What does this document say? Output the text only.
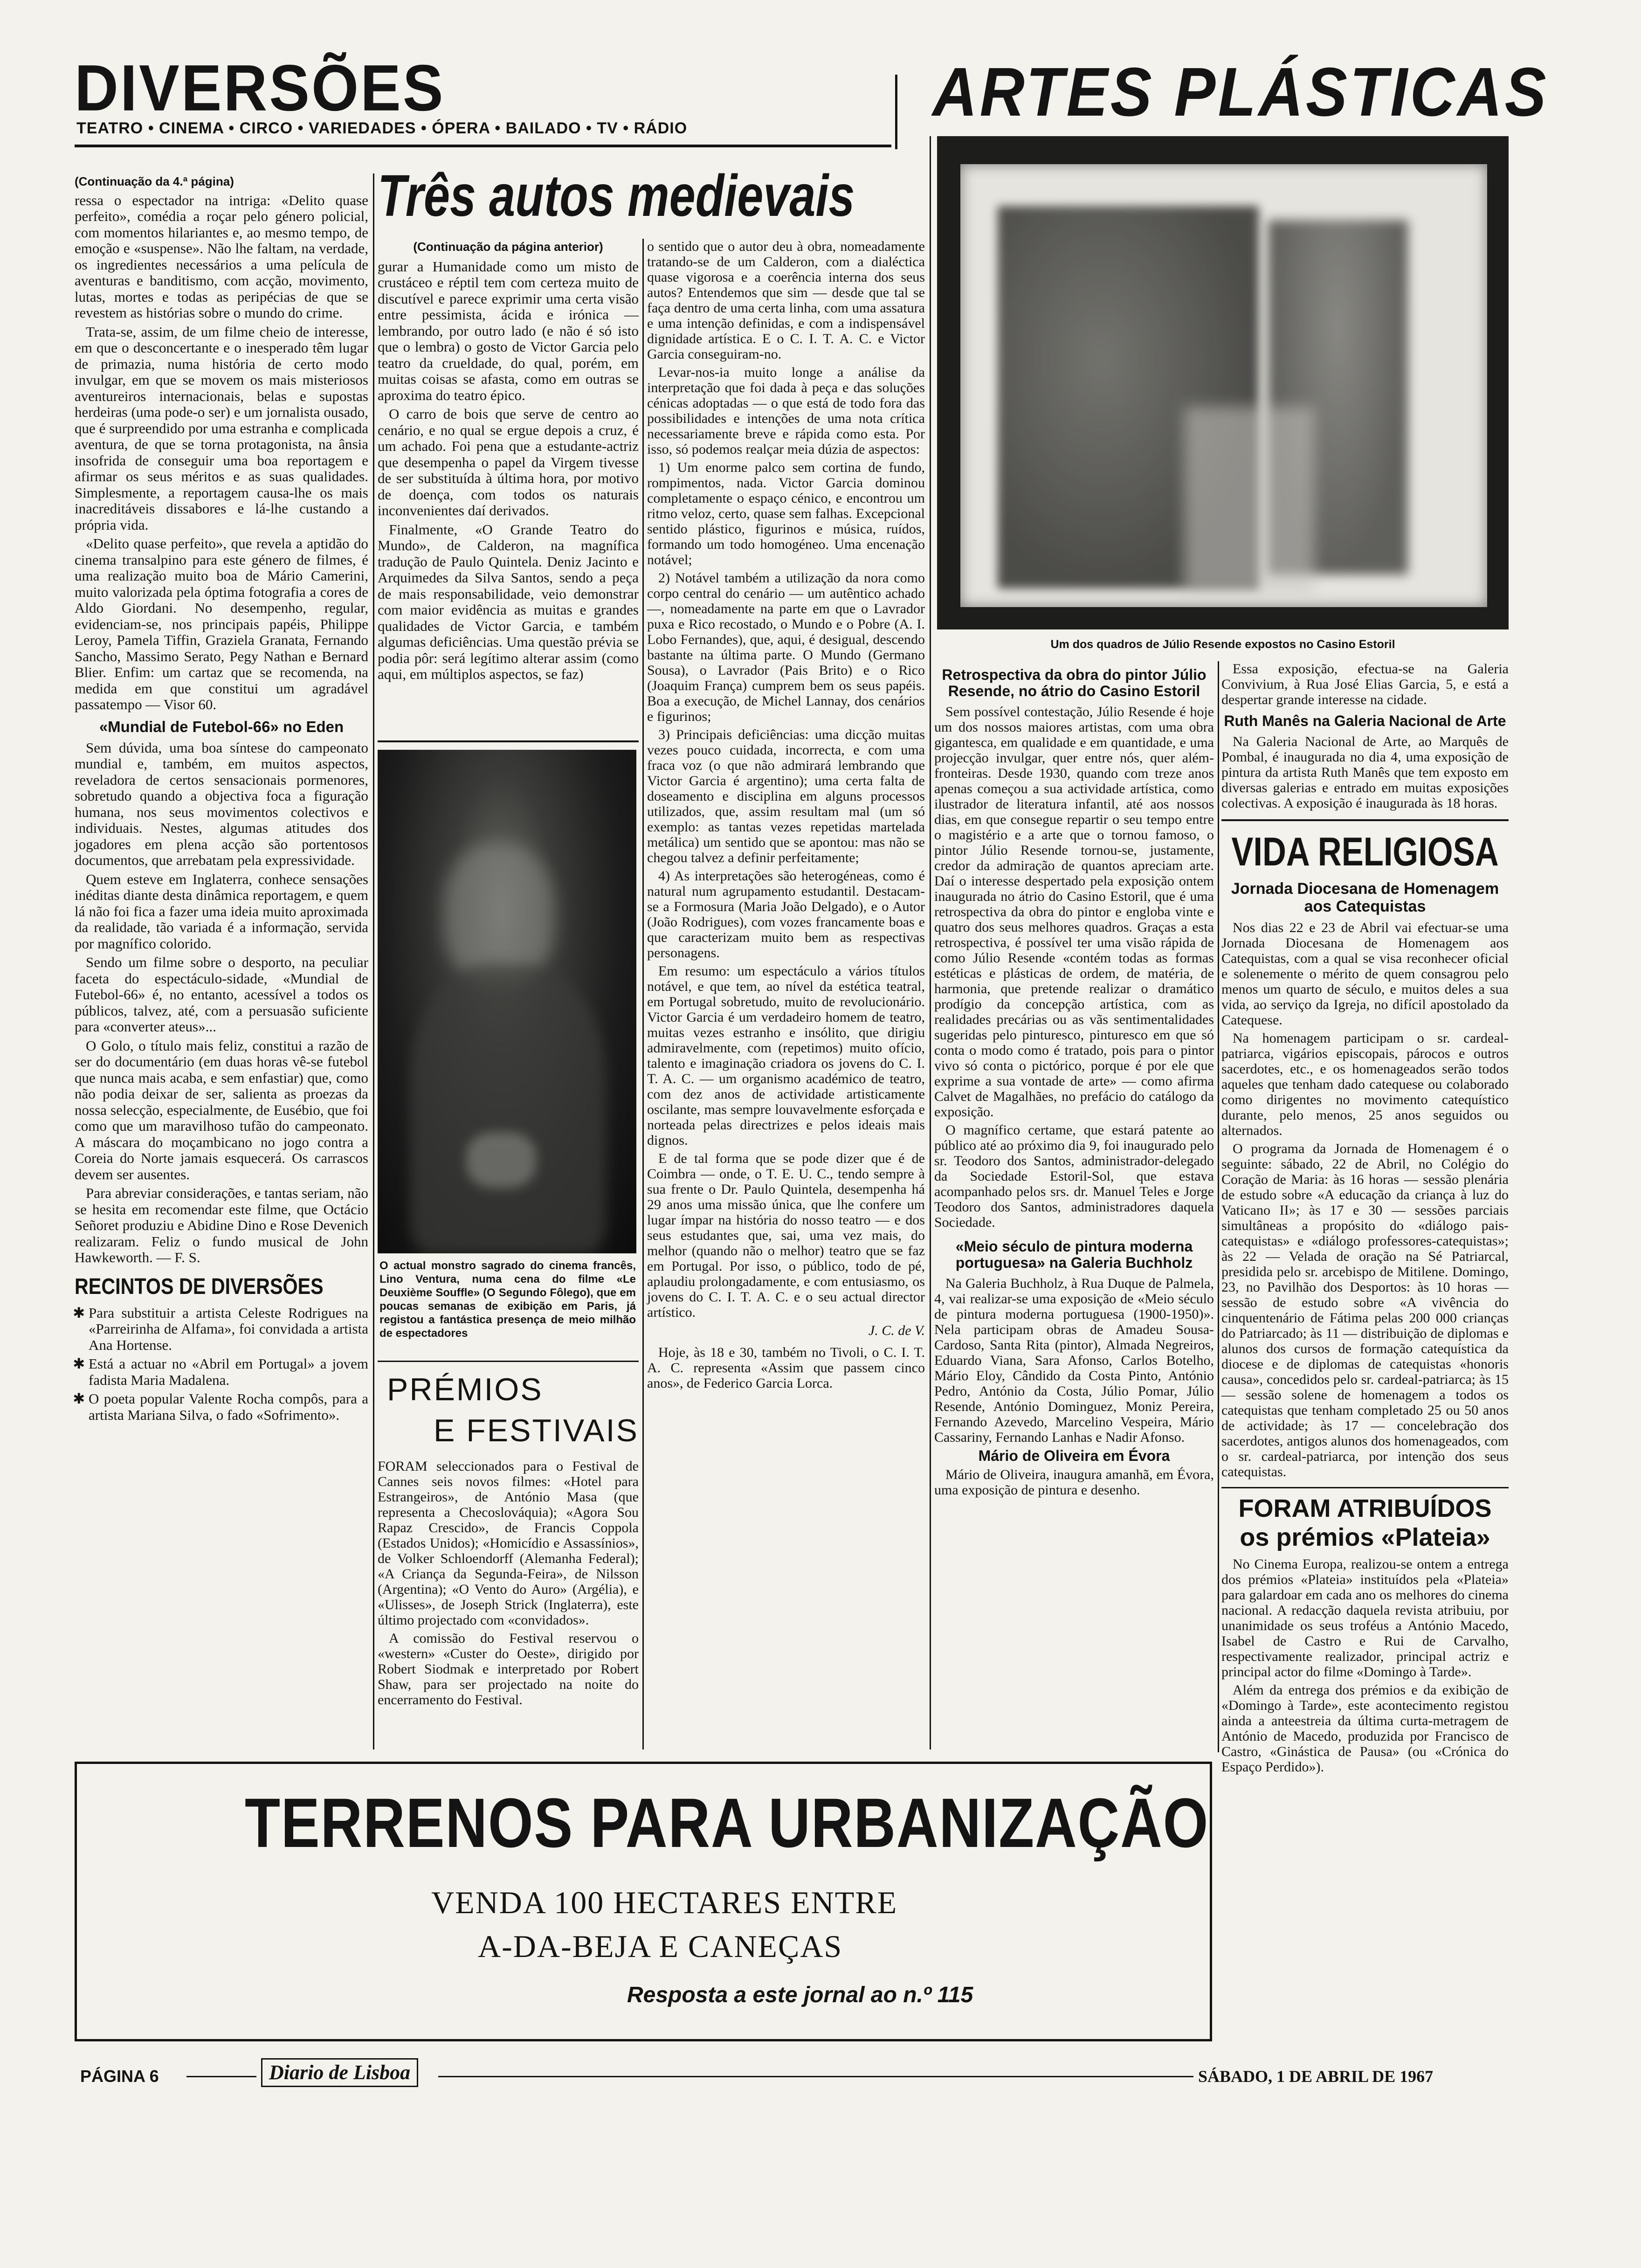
DIVERSÕES
TEATRO • CINEMA • CIRCO • VARIEDADES • ÓPERA • BAILADO • TV • RÁDIO	ARTES PLÁSTICAS
(Continuação da 4.ª página)

ressa o espectador na intriga: «Delito quase perfeito», comédia a roçar pelo género policial, com momentos hilariantes e, ao mesmo tempo, de emoção e «suspense». Não lhe faltam, na verdade, os ingredientes necessários a uma película de aventuras e banditismo, com acção, movimento, lutas, mortes e todas as peripécias de que se revestem as histórias sobre o mundo do crime.

Trata-se, assim, de um filme cheio de interesse, em que o desconcertante e o inesperado têm lugar de primazia, numa história de certo modo invulgar, em que se movem os mais misteriosos aventureiros internacionais, belas e supostas herdeiras (uma pode-o ser) e um jornalista ousado, que é surpreendido por uma estranha e complicada aventura, de que se torna protagonista, na ânsia insofrida de conseguir uma boa reportagem e afirmar os seus méritos e as suas qualidades. Simplesmente, a reportagem causa-lhe os mais inacreditáveis dissabores e lá-lhe custando a própria vida.

«Delito quase perfeito», que revela a aptidão do cinema transalpino para este género de filmes, é uma realização muito boa de Mário Camerini, muito valorizada pela óptima fotografia a cores de Aldo Giordani. No desempenho, regular, evidenciam-se, nos principais papéis, Philippe Leroy, Pamela Tiffin, Graziela Granata, Fernando Sancho, Massimo Serato, Pegy Nathan e Bernard Blier. Enfim: um cartaz que se recomenda, na medida em que constitui um agradável passatempo — Visor 60.

«Mundial de Futebol-66» no Eden

Sem dúvida, uma boa síntese do campeonato mundial e, também, em muitos aspectos, reveladora de certos sensacionais pormenores, sobretudo quando a objectiva foca a figuração humana, nos seus movimentos colectivos e individuais. Nestes, algumas atitudes dos jogadores em plena acção são portentosos documentos, que arrebatam pela expressividade.

Quem esteve em Inglaterra, conhece sensações inéditas diante desta dinâmica reportagem, e quem lá não foi fica a fazer uma ideia muito aproximada da realidade, tão variada é a informação, servida por magnífico colorido.

Sendo um filme sobre o desporto, na peculiar faceta do espectáculo-sidade, «Mundial de Futebol-66» é, no entanto, acessível a todos os públicos, talvez, até, com a persuasão suficiente para «converter ateus»...

O Golo, o título mais feliz, constitui a razão de ser do documentário (em duas horas vê-se futebol que nunca mais acaba, e sem enfastiar) que, como não podia deixar de ser, salienta as proezas da nossa selecção, especialmente, de Eusébio, que foi como que um maravilhoso tufão do campeonato. A máscara do moçambicano no jogo contra a Coreia do Norte jamais esquecerá. Os carrascos devem ser ausentes.

Para abreviar considerações, e tantas seriam, não se hesita em recomendar este filme, que Octácio Señoret produziu e Abidine Dino e Rose Devenich realizaram. Feliz o fundo musical de John Hawkeworth. — F. S.

RECINTOS DE DIVERSÕES
✱ Para substituir a artista Celeste Rodrigues na «Parreirinha de Alfama», foi convidada a artista Ana Hortense.
✱ Está a actuar no «Abril em Portugal» a jovem fadista Maria Madalena.
✱ O poeta popular Valente Rocha compôs, para a artista Mariana Silva, o fado «Sofrimento».
Três autos medievais
(Continuação da página anterior)

gurar a Humanidade como um misto de crustáceo e réptil tem com certeza muito de discutível e parece exprimir uma certa visão entre pessimista, ácida e irónica — lembrando, por outro lado (e não é só isto que o lembra) o gosto de Victor Garcia pelo teatro da crueldade, do qual, porém, em muitas coisas se afasta, como em outras se aproxima do teatro épico.

O carro de bois que serve de centro ao cenário, e no qual se ergue depois a cruz, é um achado. Foi pena que a estudante-actriz que desempenha o papel da Virgem tivesse de ser substituída à última hora, por motivo de doença, com todos os naturais inconvenientes daí derivados.

Finalmente, «O Grande Teatro do Mundo», de Calderon, na magnífica tradução de Paulo Quintela. Deniz Jacinto e Arquimedes da Silva Santos, sendo a peça de mais responsabilidade, veio demonstrar com maior evidência as muitas e grandes qualidades de Victor Garcia, e também algumas deficiências. Uma questão prévia se podia pôr: será legítimo alterar assim (como aqui, em múltiplos aspectos, se faz)

o sentido que o autor deu à obra, nomeadamente tratando-se de um Calderon, com a dialéctica quase vigorosa e a coerência interna dos seus autos? Entendemos que sim — desde que tal se faça dentro de uma certa linha, com uma assatura e uma intenção definidas, e com a indispensável dignidade artística. E o C. I. T. A. C. e Victor Garcia conseguiram-no.

Levar-nos-ia muito longe a análise da interpretação que foi dada à peça e das soluções cénicas adoptadas — o que está de todo fora das possibilidades e intenções de uma nota crítica necessariamente breve e rápida como esta. Por isso, só podemos realçar meia dúzia de aspectos:

1) Um enorme palco sem cortina de fundo, rompimentos, nada. Victor Garcia dominou completamente o espaço cénico, e encontrou um ritmo veloz, certo, quase sem falhas. Excepcional sentido plástico, figurinos e música, ruídos, formando um todo homogéneo. Uma encenação notável;

2) Notável também a utilização da nora como corpo central do cenário — um autêntico achado —, nomeadamente na parte em que o Lavrador puxa e Rico recostado, o Mundo e o Pobre (A. I. Lobo Fernandes), que, aqui, é desigual, descendo bastante na última parte. O Mundo (Germano Sousa), o Lavrador (Pais Brito) e o Rico (Joaquim França) cumprem bem os seus papéis. Boa a execução, de Michel Lannay, dos cenários e figurinos;

3) Principais deficiências: uma dicção muitas vezes pouco cuidada, incorrecta, e com uma fraca voz (o que não admirará lembrando que Victor Garcia é argentino); uma certa falta de doseamento e disciplina em alguns processos utilizados, que, assim resultam mal (um só exemplo: as tantas vezes repetidas martelada metálica) um sentido que se apontou: mas não se chegou talvez a definir perfeitamente;

4) As interpretações são heterogéneas, como é natural num agrupamento estudantil. Destacam-se a Formosura (Maria João Delgado), e o Autor (João Rodrigues), com vozes francamente boas e que caracterizam muito bem as respectivas personagens.

Em resumo: um espectáculo a vários títulos notável, e que tem, ao nível da estética teatral, em Portugal sobretudo, muito de revolucionário. Victor Garcia é um verdadeiro homem de teatro, muitas vezes estranho e insólito, que dirigiu admiravelmente, com (repetimos) muito ofício, talento e imaginação criadora os jovens do C. I. T. A. C. — um organismo académico de teatro, com dez anos de actividade artisticamente oscilante, mas sempre louvavelmente esforçada e norteada pelas directrizes e pelos ideais mais dignos.

E de tal forma que se pode dizer que é de Coimbra — onde, o T. E. U. C., tendo sempre à sua frente o Dr. Paulo Quintela, desempenha há 29 anos uma missão única, que lhe confere um lugar ímpar na história do nosso teatro — e dos seus estudantes que, sai, uma vez mais, do melhor (quando não o melhor) teatro que se faz em Portugal. Por isso, o público, todo de pé, aplaudiu prolongadamente, e com entusiasmo, os jovens do C. I. T. A. C. e o seu actual director artístico.

J. C. de V.

Hoje, às 18 e 30, também no Tivoli, o C. I. T. A. C. representa «Assim que passem cinco anos», de Federico Garcia Lorca.

O actual monstro sagrado do cinema francês, Lino Ventura, numa cena do filme «Le Deuxième Souffle» (O Segundo Fôlego), que em poucas semanas de exibição em Paris, já registou a fantástica presença de meio milhão de espectadores
PRÉMIOS
E FESTIVAIS

FORAM seleccionados para o Festival de Cannes seis novos filmes: «Hotel para Estrangeiros», de António Masa (que representa a Checoslováquia); «Agora Sou Rapaz Crescido», de Francis Coppola (Estados Unidos); «Homicídio e Assassínios», de Volker Schloendorff (Alemanha Federal); «A Criança da Segunda-Feira», de Nilsson (Argentina); «O Vento do Auro» (Argélia), e «Ulisses», de Joseph Strick (Inglaterra), este último projectado com «convidados».

A comissão do Festival reservou o «western» «Custer do Oeste», dirigido por Robert Siodmak e interpretado por Robert Shaw, para ser projectado na noite do encerramento do Festival.

Um dos quadros de Júlio Resende expostos no Casino Estoril
Retrospectiva da obra do pintor Júlio Resende, no átrio do Casino Estoril

Sem possível contestação, Júlio Resende é hoje um dos nossos maiores artistas, com uma obra gigantesca, em qualidade e em quantidade, e uma projecção invulgar, quer entre nós, quer além-fronteiras. Desde 1930, quando com treze anos apenas começou a sua actividade artística, como ilustrador de literatura infantil, até aos nossos dias, em que consegue repartir o seu tempo entre o magistério e a arte que o tornou famoso, o pintor Júlio Resende tornou-se, justamente, credor da admiração de quantos apreciam arte. Daí o interesse despertado pela exposição ontem inaugurada no átrio do Casino Estoril, que é uma retrospectiva da obra do pintor e engloba vinte e quatro dos seus melhores quadros. Graças a esta retrospectiva, é possível ter uma visão rápida de como Júlio Resende «contém todas as formas estéticas e plásticas de ordem, de matéria, de harmonia, que pretende realizar o dramático prodígio da concepção artística, com as realidades precárias ou as vãs sentimentalidades sugeridas pelo pinturesco, pinturesco em que só conta o modo como é tratado, pois para o pintor vivo só conta o pictórico, porque é por ele que exprime a sua vontade de arte» — como afirma Calvet de Magalhães, no prefácio do catálogo da exposição.

O magnífico certame, que estará patente ao público até ao próximo dia 9, foi inaugurado pelo sr. Teodoro dos Santos, administrador-delegado da Sociedade Estoril-Sol, que estava acompanhado pelos srs. dr. Manuel Teles e Jorge Teodoro dos Santos, administradores daquela Sociedade.

«Meio século de pintura moderna portuguesa» na Galeria Buchholz

Na Galeria Buchholz, à Rua Duque de Palmela, 4, vai realizar-se uma exposição de «Meio século de pintura moderna portuguesa (1900-1950)». Nela participam obras de Amadeu Sousa-Cardoso, Santa Rita (pintor), Almada Negreiros, Eduardo Viana, Sara Afonso, Carlos Botelho, Mário Eloy, Cândido da Costa Pinto, António Pedro, António da Costa, Júlio Pomar, Júlio Resende, António Dominguez, Moniz Pereira, Fernando Azevedo, Marcelino Vespeira, Mário Cassariny, Fernando Lanhas e Nadir Afonso.

Mário de Oliveira em Évora

Mário de Oliveira, inaugura amanhã, em Évora, uma exposição de pintura e desenho.

Essa exposição, efectua-se na Galeria Convivium, à Rua José Elias Garcia, 5, e está a despertar grande interesse na cidade.

Ruth Manês na Galeria Nacional de Arte

Na Galeria Nacional de Arte, ao Marquês de Pombal, é inaugurada no dia 4, uma exposição de pintura da artista Ruth Manês que tem exposto em diversas galerias e entrado em muitas exposições colectivas. A exposição é inaugurada às 18 horas.

VIDA RELIGIOSA
Jornada Diocesana de Homenagem aos Catequistas

Nos dias 22 e 23 de Abril vai efectuar-se uma Jornada Diocesana de Homenagem aos Catequistas, com a qual se visa reconhecer oficial e solenemente o mérito de quem consagrou pelo menos um quarto de século, e muitos deles a sua vida, ao serviço da Igreja, no difícil apostolado da Catequese.

Na homenagem participam o sr. cardeal-patriarca, vigários episcopais, párocos e outros sacerdotes, etc., e os homenageados serão todos aqueles que tenham dado catequese ou colaborado como dirigentes no movimento catequístico durante, pelo menos, 25 anos seguidos ou alternados.

O programa da Jornada de Homenagem é o seguinte: sábado, 22 de Abril, no Colégio do Coração de Maria: às 16 horas — sessão plenária de estudo sobre «A educação da criança à luz do Vaticano II»; às 17 e 30 — sessões parciais simultâneas a propósito do «diálogo pais-catequistas» e «diálogo professores-catequistas»; às 22 — Velada de oração na Sé Patriarcal, presidida pelo sr. arcebispo de Mitilene. Domingo, 23, no Pavilhão dos Desportos: às 10 horas — sessão de estudo sobre «A vivência do cinquentenário de Fátima pelas 200 000 crianças do Patriarcado; às 11 — distribuição de diplomas e alunos dos cursos de formação catequística da diocese e de diplomas de catequistas «honoris causa», concedidos pelo sr. cardeal-patriarca; às 15 — sessão solene de homenagem a todos os catequistas que tenham completado 25 ou 50 anos de actividade; às 17 — concelebração dos sacerdotes, antigos alunos dos homenageados, com o sr. cardeal-patriarca, por intenção dos seus catequistas.

FORAM ATRIBUÍDOS os prémios «Plateia»

No Cinema Europa, realizou-se ontem a entrega dos prémios «Plateia» instituídos pela «Plateia» para galardoar em cada ano os melhores do cinema nacional. A redacção daquela revista atribuiu, por unanimidade os seus troféus a António Macedo, Isabel de Castro e Rui de Carvalho, respectivamente realizador, principal actriz e principal actor do filme «Domingo à Tarde».

Além da entrega dos prémios e da exibição de «Domingo à Tarde», este acontecimento registou ainda a anteestreia da última curta-metragem de António de Macedo, produzida por Francisco de Castro, «Ginástica de Pausa» (ou «Crónica do Espaço Perdido»).

TERRENOS PARA URBANIZAÇÃO
VENDA 100 HECTARES ENTRE
A-DA-BEJA E CANEÇAS
Resposta a este jornal ao n.º 115
PÁGINA 6	Diario de Lisboa	SÁBADO, 1 DE ABRIL DE 1967
